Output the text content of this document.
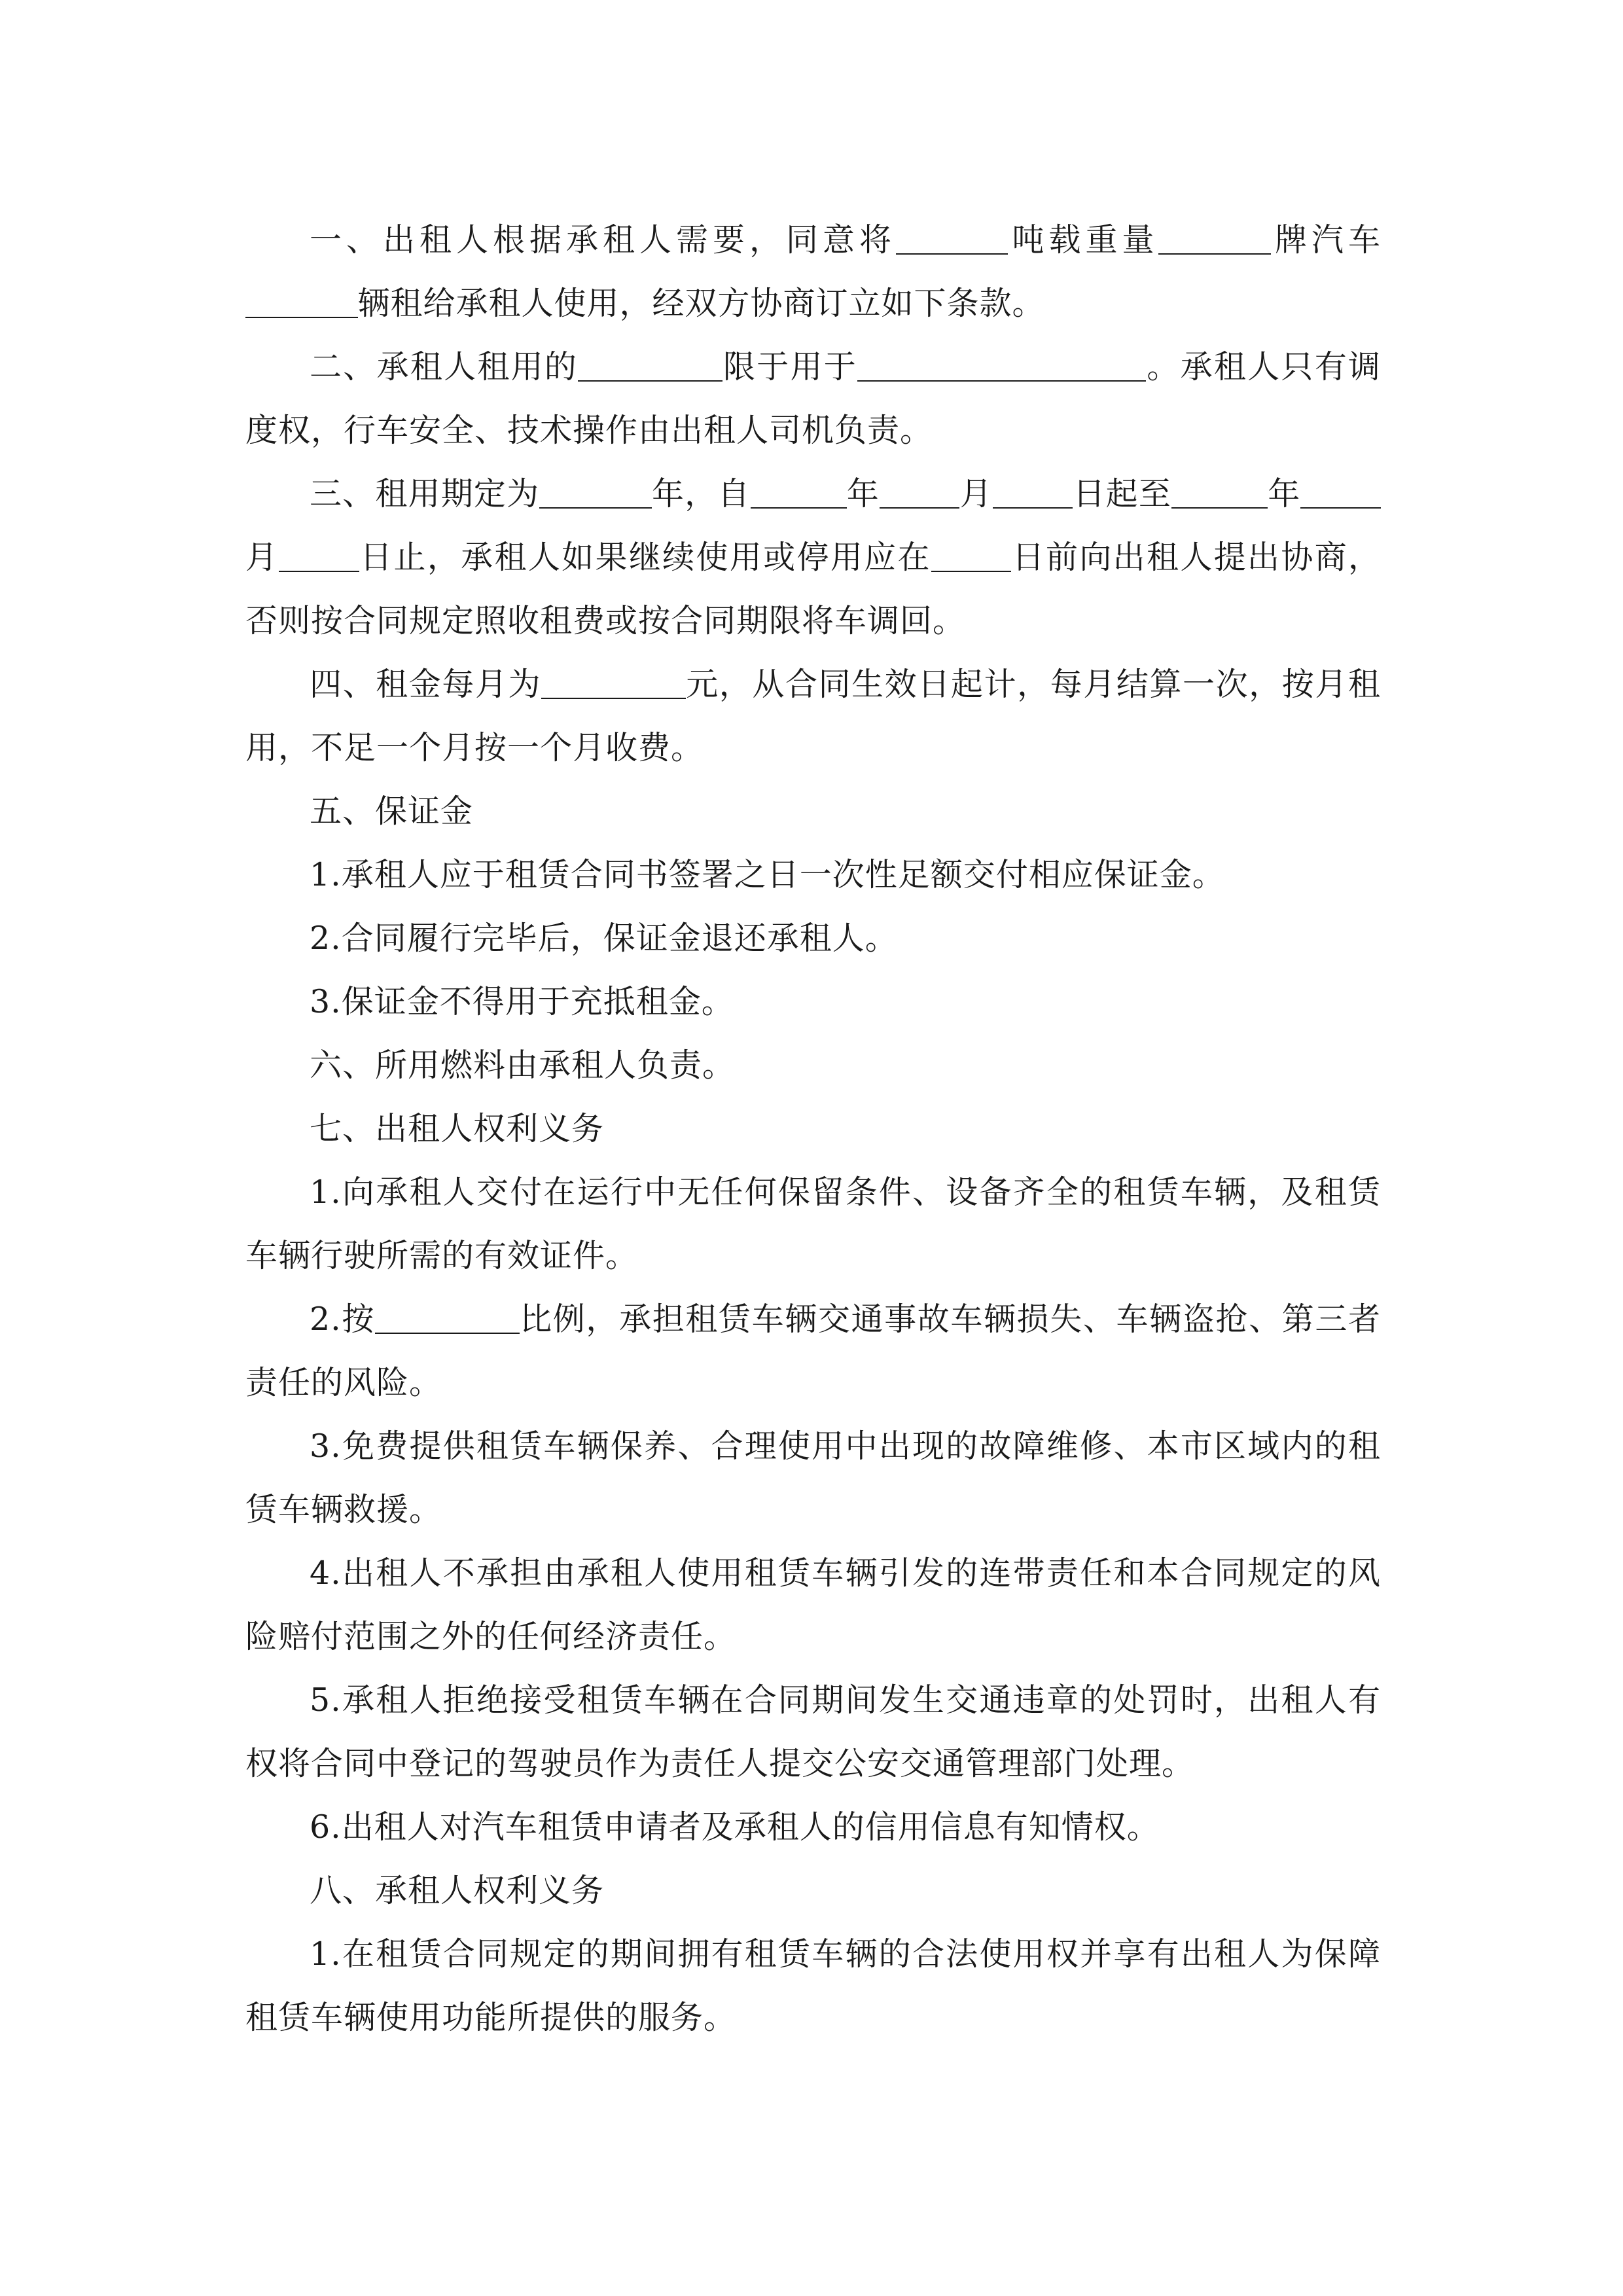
一、出租人根据承租人需要，同意将	吨载重量	牌汽车辆租给承租人使用，经双方协商订立如下条款。

二、承租人租用的	限于用于	。承租人只有调度权，行车安全、技术操作由出租人司机负责。

三、租用期定为	年，自	年	月	日起至	年月	日止，承租人如果继续使用或停用应在	日前向出租人提出协商，否则按合同规定照收租费或按合同期限将车调回。

四、租金每月为	元，从合同生效日起计，每月结算一次，按月租用，不足一个月按一个月收费。

五、保证金

1.承租人应于租赁合同书签署之日一次性足额交付相应保证金。

2.合同履行完毕后，保证金退还承租人。

3.保证金不得用于充抵租金。

六、所用燃料由承租人负责。

七、出租人权利义务

1.向承租人交付在运行中无任何保留条件、设备齐全的租赁车辆，及租赁车辆行驶所需的有效证件。

2.按	比例，承担租赁车辆交通事故车辆损失、车辆盗抢、第三者责任的风险。

3.免费提供租赁车辆保养、合理使用中出现的故障维修、本市区域内的租赁车辆救援。

4.出租人不承担由承租人使用租赁车辆引发的连带责任和本合同规定的风险赔付范围之外的任何经济责任。

5.承租人拒绝接受租赁车辆在合同期间发生交通违章的处罚时，出租人有权将合同中登记的驾驶员作为责任人提交公安交通管理部门处理。

6.出租人对汽车租赁申请者及承租人的信用信息有知情权。

八、承租人权利义务

1.在租赁合同规定的期间拥有租赁车辆的合法使用权并享有出租人为保障租赁车辆使用功能所提供的服务。
